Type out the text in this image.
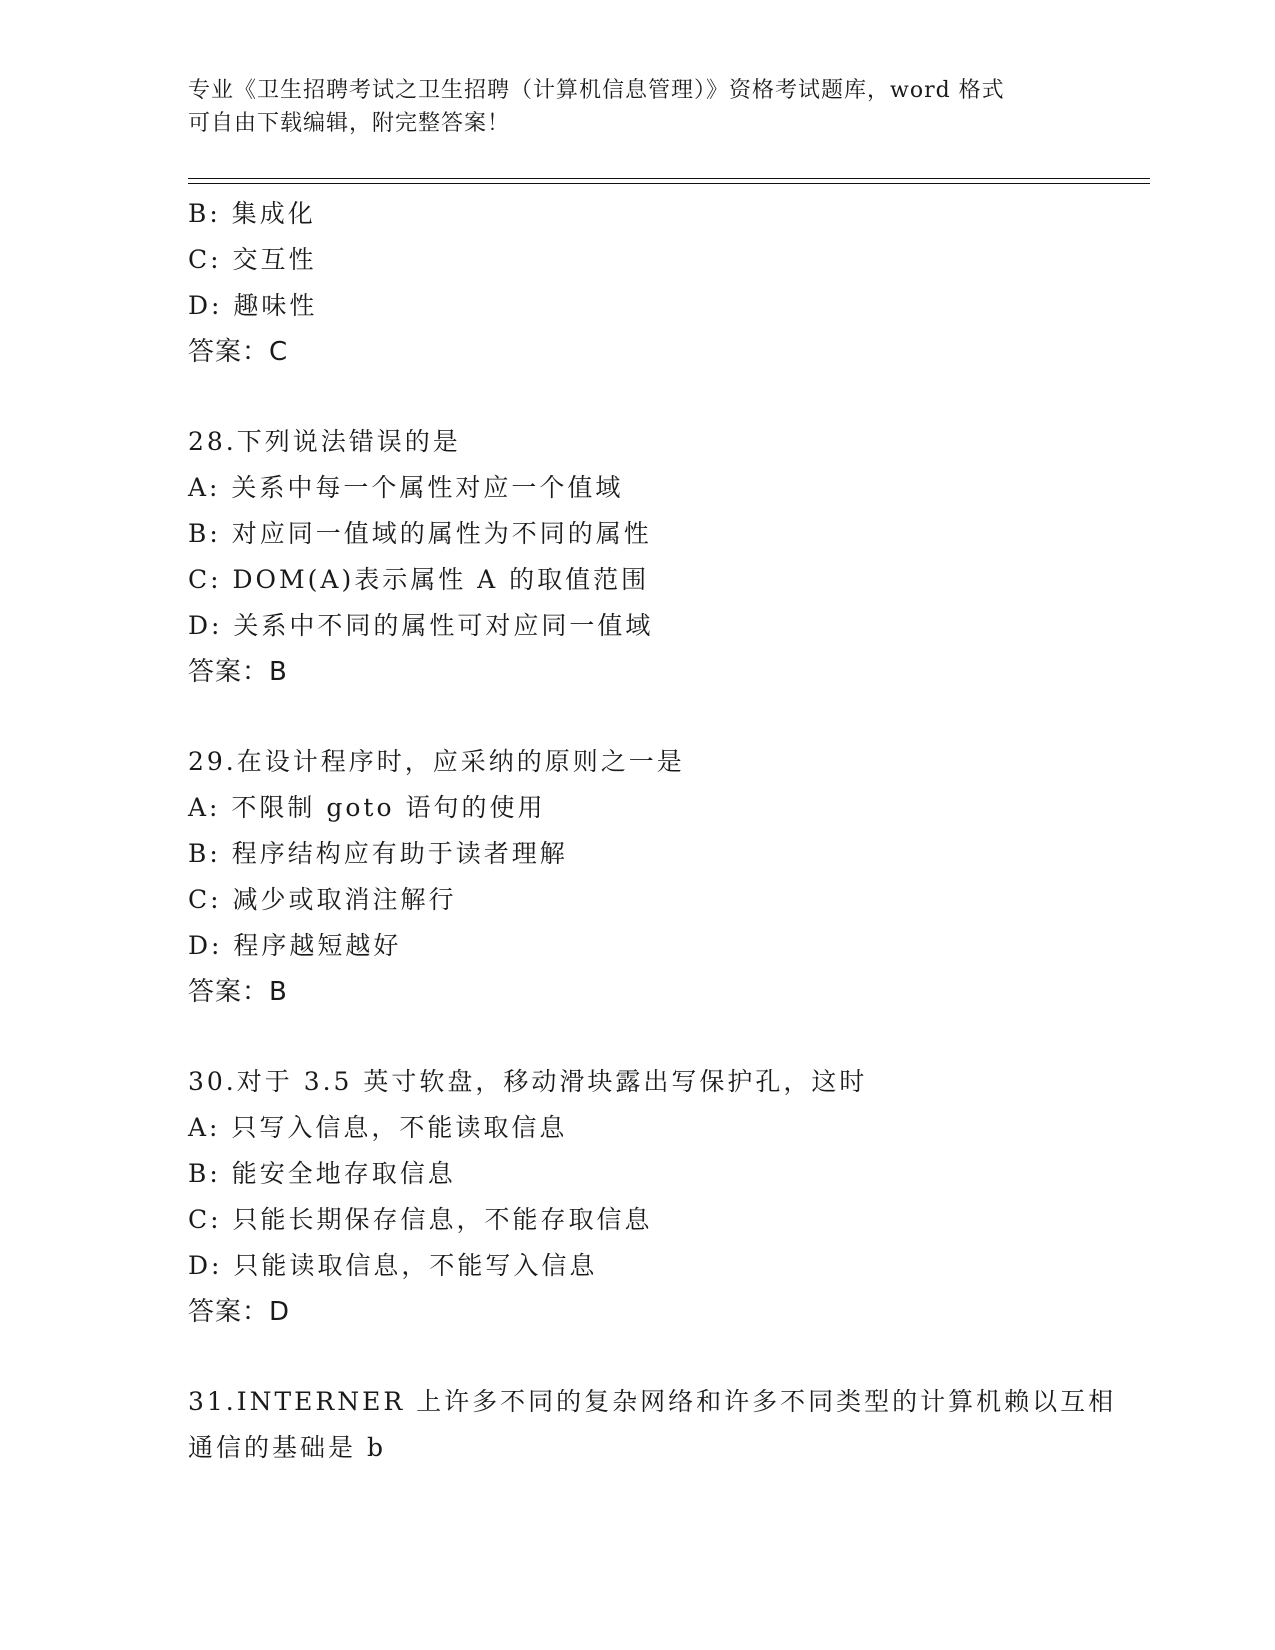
专业《卫生招聘考试之卫生招聘（计算机信息管理）》资格考试题库，word 格式
可自由下载编辑，附完整答案！
B: 集成化
C: 交互性
D: 趣味性
答案：C
28.下列说法错误的是
A: 关系中每一个属性对应一个值域
B: 对应同一值域的属性为不同的属性
C: DOM(A)表示属性 A 的取值范围
D: 关系中不同的属性可对应同一值域
答案：B
29.在设计程序时，应采纳的原则之一是
A: 不限制 goto 语句的使用
B: 程序结构应有助于读者理解
C: 减少或取消注解行
D: 程序越短越好
答案：B
30.对于 3.5 英寸软盘，移动滑块露出写保护孔，这时
A: 只写入信息，不能读取信息
B: 能安全地存取信息
C: 只能长期保存信息，不能存取信息
D: 只能读取信息，不能写入信息
答案：D
31.INTERNER 上许多不同的复杂网络和许多不同类型的计算机赖以互相
通信的基础是 b
